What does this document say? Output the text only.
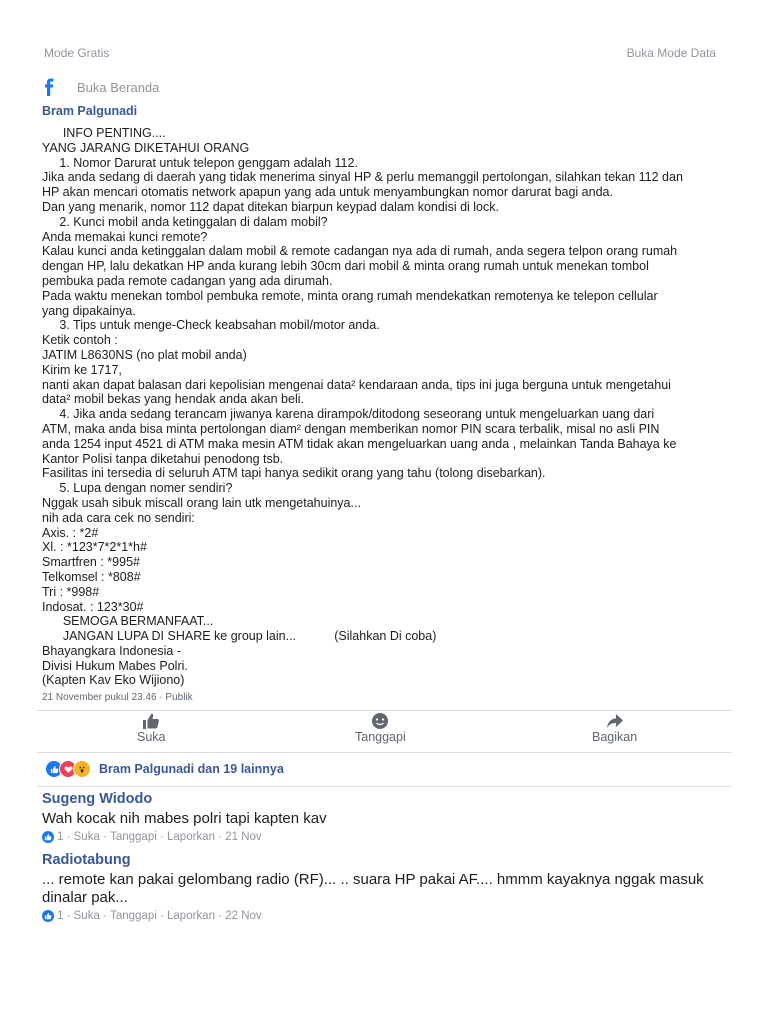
Mode Gratis	Buka Mode Data
Buka Beranda
Bram Palgunadi
INFO PENTING....
YANG JARANG DIKETAHUI ORANG
1. Nomor Darurat untuk telepon genggam adalah 112.
Jika anda sedang di daerah yang tidak menerima sinyal HP & perlu memanggil pertolongan, silahkan tekan 112 dan
HP akan mencari otomatis network apapun yang ada untuk menyambungkan nomor darurat bagi anda.
Dan yang menarik, nomor 112 dapat ditekan biarpun keypad dalam kondisi di lock.
2. Kunci mobil anda ketinggalan di dalam mobil?
Anda memakai kunci remote?
Kalau kunci anda ketinggalan dalam mobil & remote cadangan nya ada di rumah, anda segera telpon orang rumah
dengan HP, lalu dekatkan HP anda kurang lebih 30cm dari mobil & minta orang rumah untuk menekan tombol
pembuka pada remote cadangan yang ada dirumah.
Pada waktu menekan tombol pembuka remote, minta orang rumah mendekatkan remotenya ke telepon cellular
yang dipakainya.
3. Tips untuk menge-Check keabsahan mobil/motor anda.
Ketik contoh :
JATIM L8630NS (no plat mobil anda)
Kirim ke 1717,
nanti akan dapat balasan dari kepolisian mengenai data² kendaraan anda, tips ini juga berguna untuk mengetahui
data² mobil bekas yang hendak anda akan beli.
4. Jika anda sedang terancam jiwanya karena dirampok/ditodong seseorang untuk mengeluarkan uang dari
ATM, maka anda bisa minta pertolongan diam² dengan memberikan nomor PIN scara terbalik, misal no asli PIN
anda 1254 input 4521 di ATM maka mesin ATM tidak akan mengeluarkan uang anda , melainkan Tanda Bahaya ke
Kantor Polisi tanpa diketahui penodong tsb.
Fasilitas ini tersedia di seluruh ATM tapi hanya sedikit orang yang tahu (tolong disebarkan).
5. Lupa dengan nomer sendiri?
Nggak usah sibuk miscall orang lain utk mengetahuinya...
nih ada cara cek no sendiri:
Axis. : *2#
Xl. : *123*7*2*1*h#
Smartfren : *995#
Telkomsel : *808#
Tri : *998#
Indosat. : 123*30#
SEMOGA BERMANFAAT...
JANGAN LUPA DI SHARE ke group lain...           (Silahkan Di coba)
Bhayangkara Indonesia -
Divisi Hukum Mabes Polri.
(Kapten Kav Eko Wijiono)
21 November pukul 23.46 · Publik
Suka	Tanggapi	Bagikan
Bram Palgunadi dan 19 lainnya
Sugeng Widodo
Wah kocak nih mabes polri tapi kapten kav
1 · Suka · Tanggapi · Laporkan · 21 Nov
Radiotabung
... remote kan pakai gelombang radio (RF)... .. suara HP pakai AF.... hmmm kayaknya nggak masuk dinalar pak...
1 · Suka · Tanggapi · Laporkan · 22 Nov
